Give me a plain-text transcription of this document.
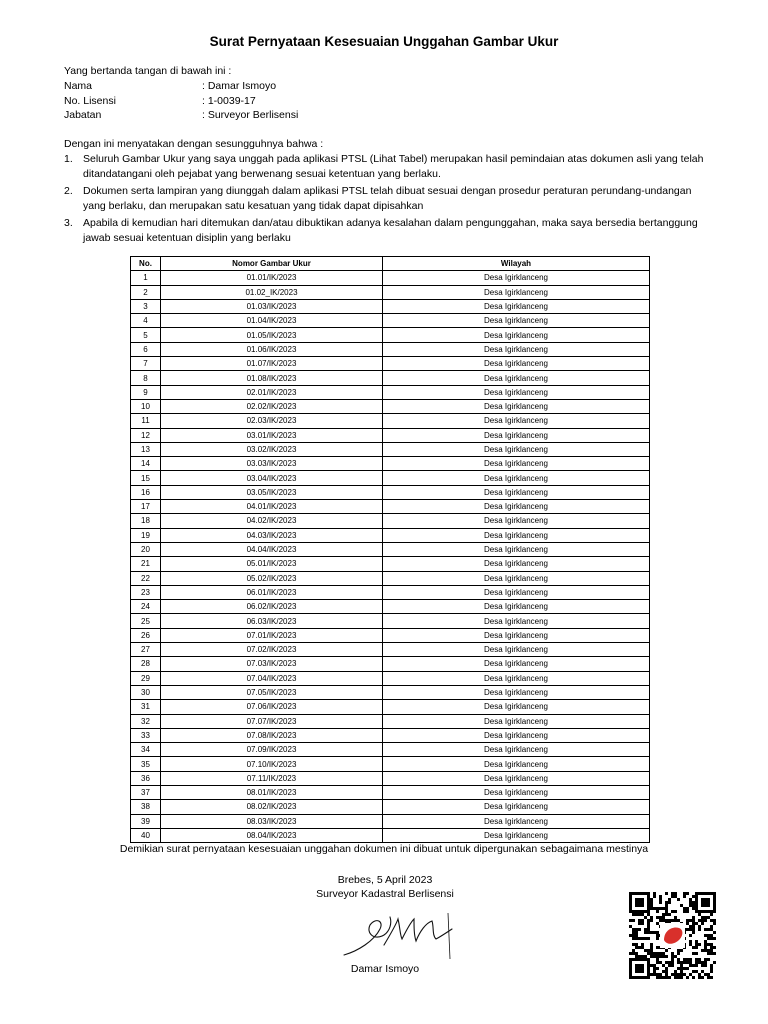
Surat Pernyataan Kesesuaian Unggahan Gambar Ukur
Yang bertanda tangan di bawah ini :
Nama	: Damar Ismoyo
No. Lisensi	: 1-0039-17
Jabatan	: Surveyor Berlisensi
Dengan ini menyatakan dengan sesungguhnya bahwa :
1. Seluruh Gambar Ukur yang saya unggah pada aplikasi PTSL (Lihat Tabel) merupakan hasil pemindaian atas dokumen asli yang telah ditandatangani oleh pejabat yang berwenang sesuai ketentuan yang berlaku.
2. Dokumen serta lampiran yang diunggah dalam aplikasi PTSL telah dibuat sesuai dengan prosedur peraturan perundang-undangan yang berlaku, dan merupakan satu kesatuan yang tidak dapat dipisahkan
3. Apabila di kemudian hari ditemukan dan/atau dibuktikan adanya kesalahan dalam pengunggahan, maka saya bersedia bertanggung jawab sesuai ketentuan disiplin yang berlaku
No.	Nomor Gambar Ukur	Wilayah
1	01.01/IK/2023	Desa Igirklanceng
2	01.02_IK/2023	Desa Igirklanceng
3	01.03/IK/2023	Desa Igirklanceng
4	01.04/IK/2023	Desa Igirklanceng
5	01.05/IK/2023	Desa Igirklanceng
6	01.06/IK/2023	Desa Igirklanceng
7	01.07/IK/2023	Desa Igirklanceng
8	01.08/IK/2023	Desa Igirklanceng
9	02.01/IK/2023	Desa Igirklanceng
10	02.02/IK/2023	Desa Igirklanceng
11	02.03/IK/2023	Desa Igirklanceng
12	03.01/IK/2023	Desa Igirklanceng
13	03.02/IK/2023	Desa Igirklanceng
14	03.03/IK/2023	Desa Igirklanceng
15	03.04/IK/2023	Desa Igirklanceng
16	03.05/IK/2023	Desa Igirklanceng
17	04.01/IK/2023	Desa Igirklanceng
18	04.02/IK/2023	Desa Igirklanceng
19	04.03/IK/2023	Desa Igirklanceng
20	04.04/IK/2023	Desa Igirklanceng
21	05.01/IK/2023	Desa Igirklanceng
22	05.02/IK/2023	Desa Igirklanceng
23	06.01/IK/2023	Desa Igirklanceng
24	06.02/IK/2023	Desa Igirklanceng
25	06.03/IK/2023	Desa Igirklanceng
26	07.01/IK/2023	Desa Igirklanceng
27	07.02/IK/2023	Desa Igirklanceng
28	07.03/IK/2023	Desa Igirklanceng
29	07.04/IK/2023	Desa Igirklanceng
30	07.05/IK/2023	Desa Igirklanceng
31	07.06/IK/2023	Desa Igirklanceng
32	07.07/IK/2023	Desa Igirklanceng
33	07.08/IK/2023	Desa Igirklanceng
34	07.09/IK/2023	Desa Igirklanceng
35	07.10/IK/2023	Desa Igirklanceng
36	07.11/IK/2023	Desa Igirklanceng
37	08.01/IK/2023	Desa Igirklanceng
38	08.02/IK/2023	Desa Igirklanceng
39	08.03/IK/2023	Desa Igirklanceng
40	08.04/IK/2023	Desa Igirklanceng
Demikian surat pernyataan kesesuaian unggahan dokumen ini dibuat untuk dipergunakan sebagaimana mestinya
Brebes, 5 April 2023
Surveyor Kadastral Berlisensi
Damar Ismoyo
